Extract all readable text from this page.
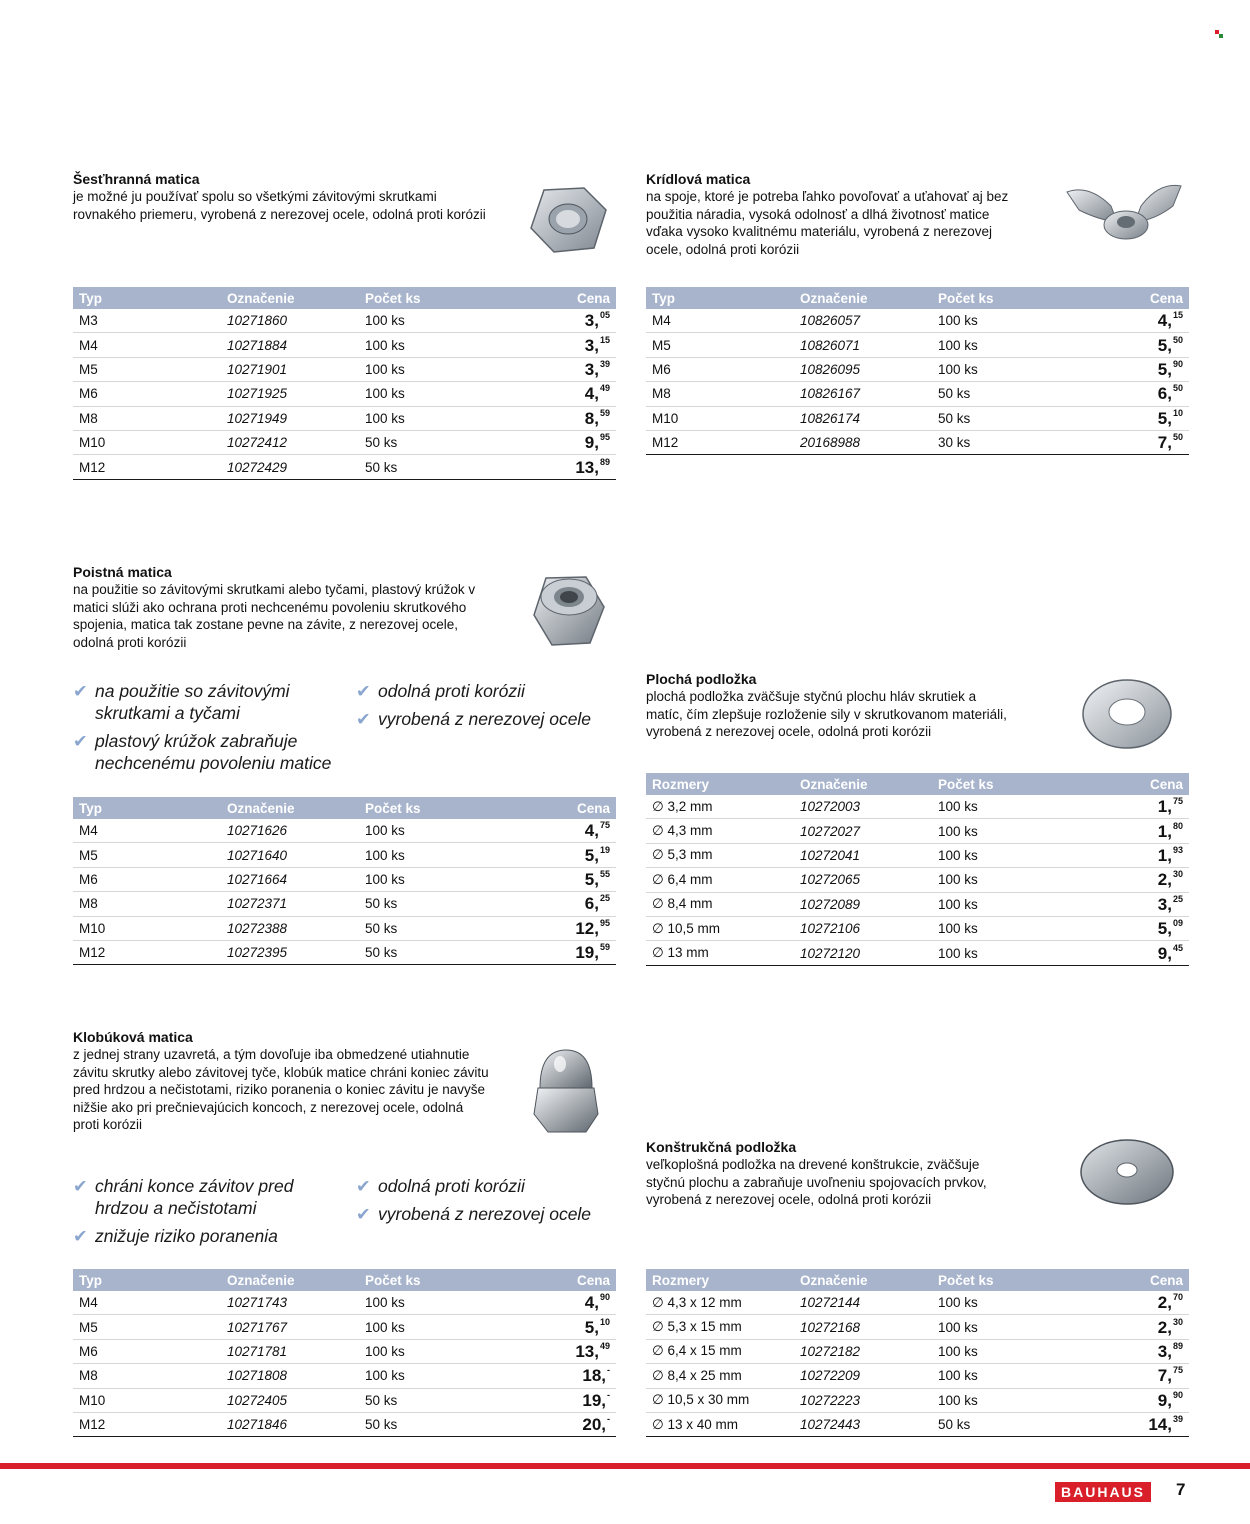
Šesťhranná matica

je možné ju používať spolu so všetkými závitovými skrutkami rovnakého priemeru, vyrobená z nerezovej ocele, odolná proti korózii

Typ	Označenie	Počet ks	Cena
M3	10271860	100 ks	3,05
M4	10271884	100 ks	3,15
M5	10271901	100 ks	3,39
M6	10271925	100 ks	4,49
M8	10271949	100 ks	8,59
M10	10272412	50 ks	9,95
M12	10272429	50 ks	13,89

Krídlová matica

na spoje, ktoré je potreba ľahko povoľovať a uťahovať aj bez použitia náradia, vysoká odolnosť a dlhá životnosť matice vďaka vysoko kvalitnému materiálu, vyrobená z nerezovej ocele, odolná proti korózii

Typ	Označenie	Počet ks	Cena
M4	10826057	100 ks	4,15
M5	10826071	100 ks	5,50
M6	10826095	100 ks	5,90
M8	10826167	50 ks	6,50
M10	10826174	50 ks	5,10
M12	20168988	30 ks	7,50

Poistná matica

na použitie so závitovými skrutkami alebo tyčami, plastový krúžok v matici slúži ako ochrana proti nechcenému povoleniu skrutkového spojenia, matica tak zostane pevne na závite, z nerezovej ocele, odolná proti korózii

✔ na použitie so závitovými skrutkami a tyčami
✔ plastový krúžok zabraňuje nechcenému povoleniu matice
✔ odolná proti korózii
✔ vyrobená z nerezovej ocele
Typ	Označenie	Počet ks	Cena
M4	10271626	100 ks	4,75
M5	10271640	100 ks	5,19
M6	10271664	100 ks	5,55
M8	10272371	50 ks	6,25
M10	10272388	50 ks	12,95
M12	10272395	50 ks	19,59

Plochá podložka

plochá podložka zväčšuje styčnú plochu hláv skrutiek a matíc, čím zlepšuje rozloženie sily v skrutkovanom materiáli, vyrobená z nerezovej ocele, odolná proti korózii

Rozmery	Označenie	Počet ks	Cena
∅ 3,2 mm	10272003	100 ks	1,75
∅ 4,3 mm	10272027	100 ks	1,80
∅ 5,3 mm	10272041	100 ks	1,93
∅ 6,4 mm	10272065	100 ks	2,30
∅ 8,4 mm	10272089	100 ks	3,25
∅ 10,5 mm	10272106	100 ks	5,09
∅ 13 mm	10272120	100 ks	9,45

Klobúková matica

z jednej strany uzavretá, a tým dovoľuje iba obmedzené utiahnutie závitu skrutky alebo závitovej tyče, klobúk matice chráni koniec závitu pred hrdzou a nečistotami, riziko poranenia o koniec závitu je navyše nižšie ako pri prečnievajúcich koncoch, z nerezovej ocele, odolná proti korózii

✔ chráni konce závitov pred hrdzou a nečistotami
✔ znižuje riziko poranenia
✔ odolná proti korózii
✔ vyrobená z nerezovej ocele
Typ	Označenie	Počet ks	Cena
M4	10271743	100 ks	4,90
M5	10271767	100 ks	5,10
M6	10271781	100 ks	13,49
M8	10271808	100 ks	18,-
M10	10272405	50 ks	19,-
M12	10271846	50 ks	20,-

Konštrukčná podložka

veľkoplošná podložka na drevené konštrukcie, zväčšuje styčnú plochu a zabraňuje uvoľneniu spojovacích prvkov, vyrobená z nerezovej ocele, odolná proti korózii

Rozmery	Označenie	Počet ks	Cena
∅ 4,3 x 12 mm	10272144	100 ks	2,70
∅ 5,3 x 15 mm	10272168	100 ks	2,30
∅ 6,4 x 15 mm	10272182	100 ks	3,89
∅ 8,4 x 25 mm	10272209	100 ks	7,75
∅ 10,5 x 30 mm	10272223	100 ks	9,90
∅ 13 x 40 mm	10272443	50 ks	14,39
BAUHAUS	7
